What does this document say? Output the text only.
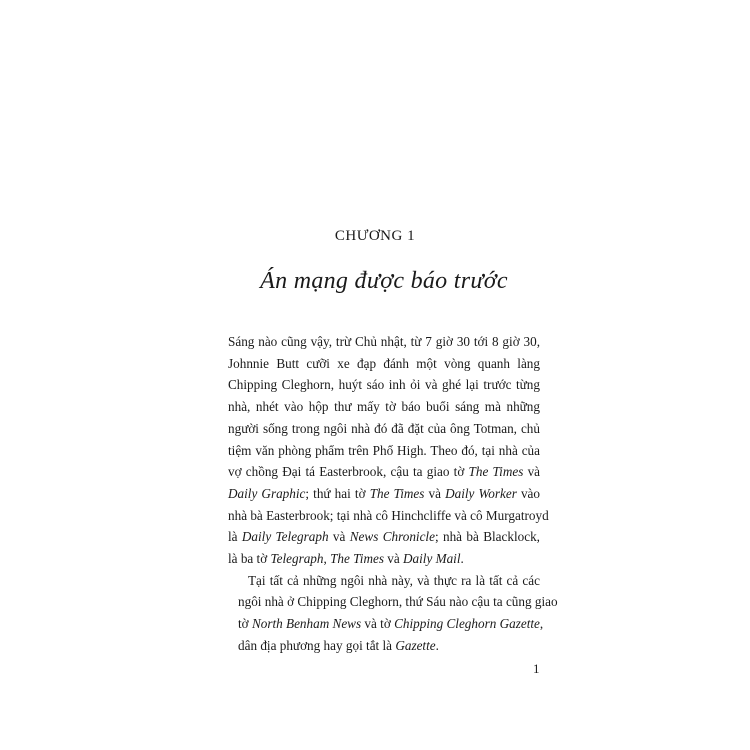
CHƯƠNG 1
Án mạng được báo trước
Sáng nào cũng vậy, trừ Chủ nhật, từ 7 giờ 30 tới 8 giờ 30,
Johnnie Butt cưỡi xe đạp đánh một vòng quanh làng
Chipping Cleghorn, huýt sáo inh ỏi và ghé lại trước từng
nhà, nhét vào hộp thư mấy tờ báo buổi sáng mà những
người sống trong ngôi nhà đó đã đặt của ông Totman, chủ
tiệm văn phòng phẩm trên Phố High. Theo đó, tại nhà của
vợ chồng Đại tá Easterbrook, cậu ta giao tờ The Times và
Daily Graphic; thứ hai tờ The Times và Daily Worker vào
nhà bà Easterbrook; tại nhà cô Hinchcliffe và cô Murgatroyd
là Daily Telegraph và News Chronicle; nhà bà Blacklock,
là ba tờ Telegraph, The Times và Daily Mail.
Tại tất cả những ngôi nhà này, và thực ra là tất cả các
ngôi nhà ở Chipping Cleghorn, thứ Sáu nào cậu ta cũng giao
tờ North Benham News và tờ Chipping Cleghorn Gazette,
dân địa phương hay gọi tắt là Gazette.
1
